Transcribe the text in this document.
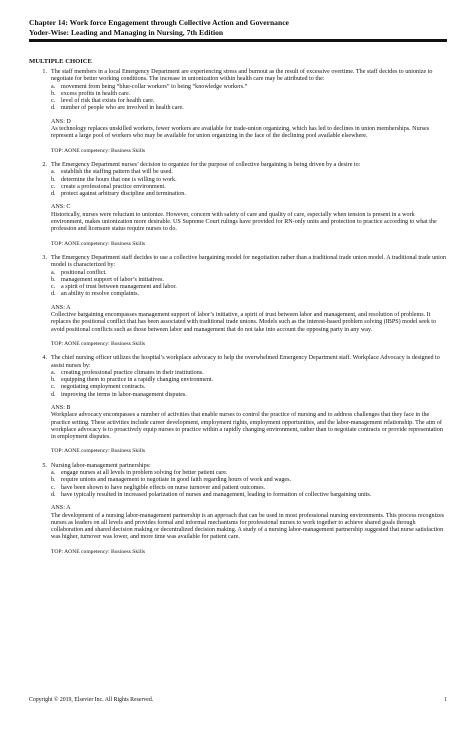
Chapter 14: Work force Engagement through Collective Action and Governance
Yoder-Wise: Leading and Managing in Nursing, 7th Edition
MULTIPLE CHOICE
1. The staff members in a local Emergency Department are experiencing stress and burnout as the result of excessive overtime. The staff decides to unionize to negotiate for better working conditions. The increase in unionization within health care may be attributed to the:
a. movement from being “blue-collar workers” to being “knowledge workers.”
b. excess profits in health care.
c. level of risk that exists for health care.
d. number of people who are involved in health care.
ANS: D
As technology replaces unskilled workers, fewer workers are available for trade-union organizing, which has led to declines in union memberships. Nurses represent a large pool of workers who may be available for union organizing in the face of the declining pool available elsewhere.
TOP: AONE competency: Business Skills
2. The Emergency Department nurses’ decision to organize for the purpose of collective bargaining is being driven by a desire to:
a. establish the staffing pattern that will be used.
b. determine the hours that one is willing to work.
c. create a professional practice environment.
d. protect against arbitrary discipline and termination.
ANS: C
Historically, nurses were reluctant to unionize. However, concern with safety of care and quality of care, especially when tension is present in a work environment, makes unionization more desirable. US Supreme Court rulings have provided for RN-only units and protection to practice according to what the profession and licensure status require nurses to do.
TOP: AONE competency: Business Skills
3. The Emergency Department staff decides to use a collective bargaining model for negotiation rather than a traditional trade union model. A traditional trade union model is characterized by:
a. positional conflict.
b. management support of labor’s initiatives.
c. a spirit of trust between management and labor.
d. an ability to resolve complaints.
ANS: A
Collective bargaining encompasses management support of labor’s initiative, a spirit of trust between labor and management, and resolution of problems. It replaces the positional conflict that has been associated with traditional trade unions. Models such as the interest-based problem solving (IBPS) model seek to avoid positional conflicts such as those between labor and management that do not take into account the opposing party in any way.
TOP: AONE competency: Business Skills
4. The chief nursing officer utilizes the hospital’s workplace advocacy to help the overwhelmed Emergency Department staff. Workplace Advocacy is designed to assist nurses by:
a. creating professional practice climates in their institutions.
b. equipping them to practice in a rapidly changing environment.
c. negotiating employment contracts.
d. improving the terms in labor-management disputes.
ANS: B
Workplace advocacy encompasses a number of activities that enable nurses to control the practice of nursing and to address challenges that they face in the practice setting. These activities include career development, employment rights, employment opportunities, and the labor-management relationship. The aim of workplace advocacy is to proactively equip nurses to practice within a rapidly changing environment, rather than to negotiate contracts or provide representation in employment disputes.
TOP: AONE competency: Business Skills
5. Nursing labor-management partnerships:
a. engage nurses at all levels in problem solving for better patient care.
b. require unions and management to negotiate in good faith regarding hours of work and wages.
c. have been shown to have negligible effects on nurse turnover and patient outcomes.
d. have typically resulted in increased polarization of nurses and management, leading to formation of collective bargaining units.
ANS: A
The development of a nursing labor-management partnership is an approach that can be used in most professional nursing environments. This process recognizes nurses as leaders on all levels and provides formal and informal mechanisms for professional nurses to work together to achieve shared goals through collaboration and shared decision making or decentralized decision making. A study of a nursing labor-management partnership suggested that nurse satisfaction was higher, turnover was lower, and more time was available for patient care.
TOP: AONE competency: Business Skills
Copyright © 2019, Elsevier Inc. All Rights Reserved.	1
